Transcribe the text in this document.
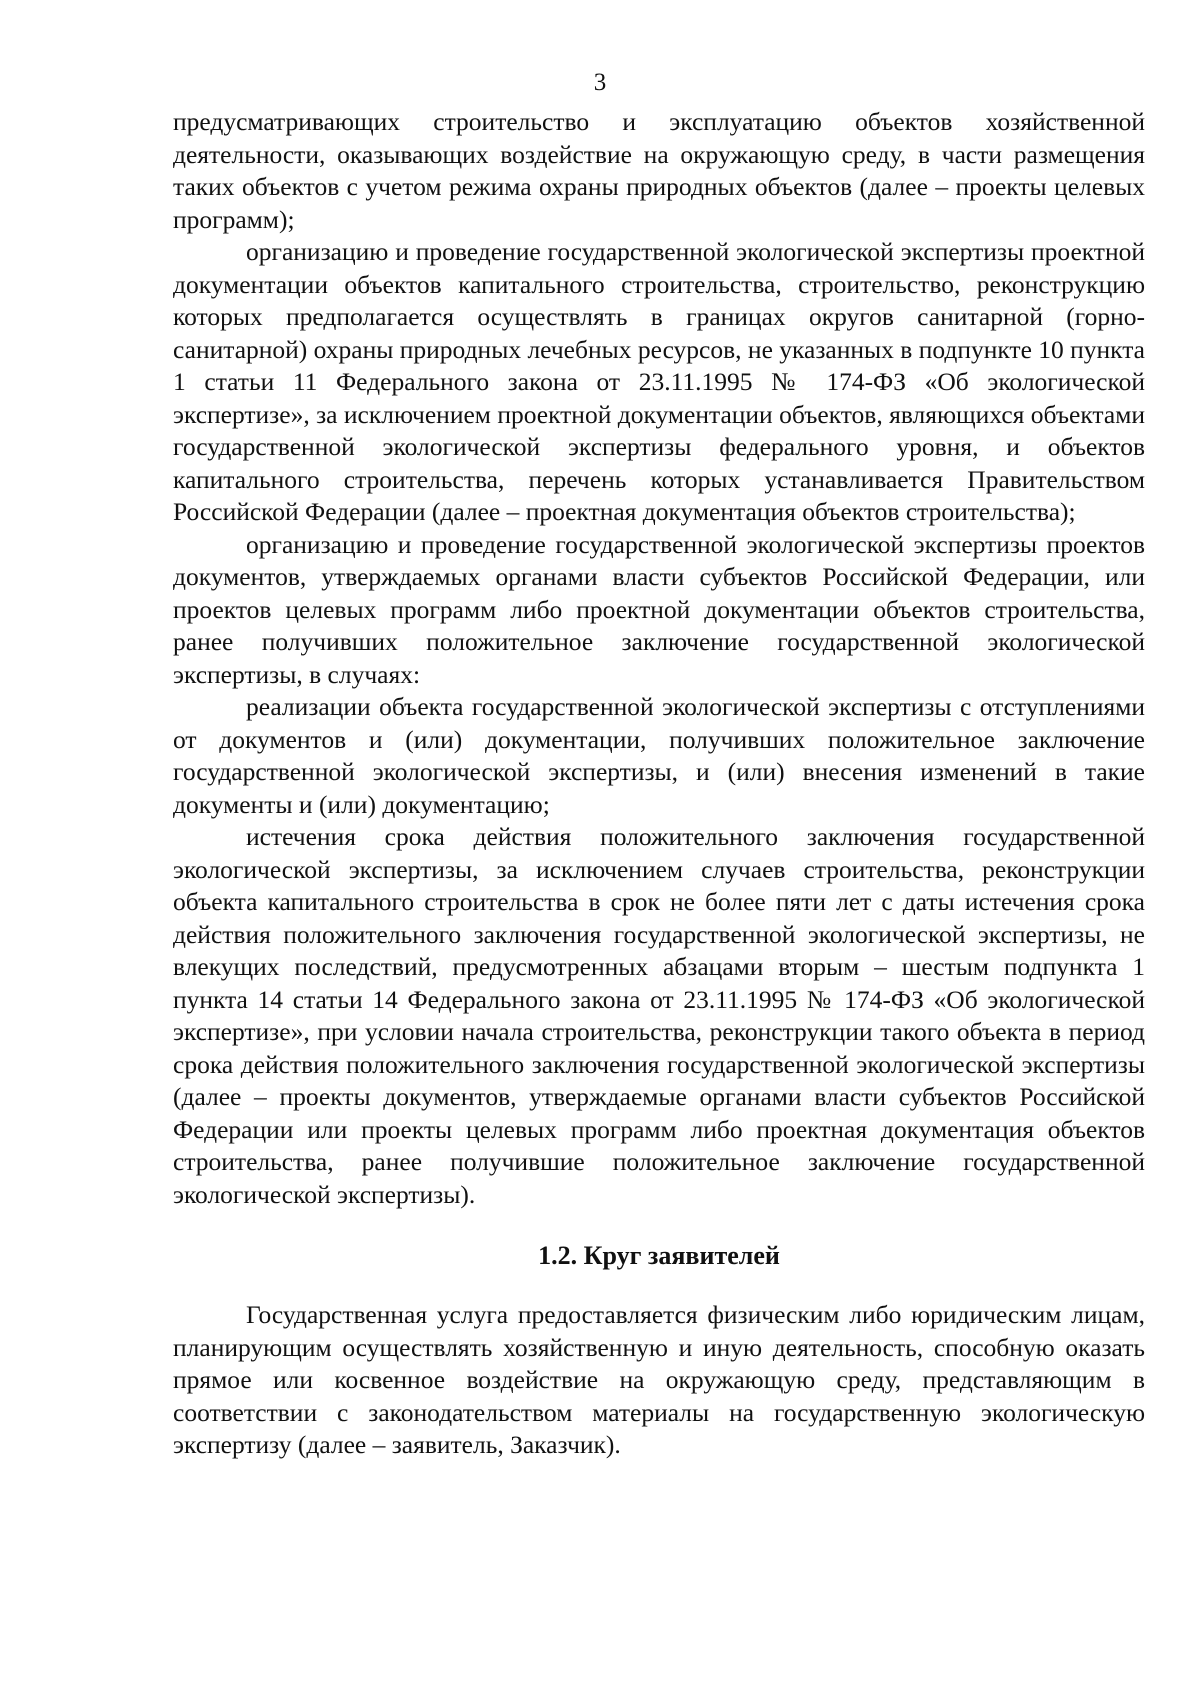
3

предусматривающих строительство и эксплуатацию объектов хозяйственной деятельности, оказывающих воздействие на окружающую среду, в части размещения таких объектов с учетом режима охраны природных объектов (далее – проекты целевых программ);

организацию и проведение государственной экологической экспертизы проектной документации объектов капитального строительства, строительство, реконструкцию которых предполагается осуществлять в границах округов санитарной (горно-санитарной) охраны природных лечебных ресурсов, не указанных в подпункте 10 пункта 1 статьи 11 Федерального закона от 23.11.1995 № 174-ФЗ «Об экологической экспертизе», за исключением проектной документации объектов, являющихся объектами государственной экологической экспертизы федерального уровня, и объектов капитального строительства, перечень которых устанавливается Правительством Российской Федерации (далее – проектная документация объектов строительства);

организацию и проведение государственной экологической экспертизы проектов документов, утверждаемых органами власти субъектов Российской Федерации, или проектов целевых программ либо проектной документации объектов строительства, ранее получивших положительное заключение государственной экологической экспертизы, в случаях:

реализации объекта государственной экологической экспертизы с отступлениями от документов и (или) документации, получивших положительное заключение государственной экологической экспертизы, и (или) внесения изменений в такие документы и (или) документацию;

истечения срока действия положительного заключения государственной экологической экспертизы, за исключением случаев строительства, реконструкции объекта капитального строительства в срок не более пяти лет с даты истечения срока действия положительного заключения государственной экологической экспертизы, не влекущих последствий, предусмотренных абзацами вторым – шестым подпункта 1 пункта 14 статьи 14 Федерального закона от 23.11.1995 № 174-ФЗ «Об экологической экспертизе», при условии начала строительства, реконструкции такого объекта в период срока действия положительного заключения государственной экологической экспертизы (далее – проекты документов, утверждаемые органами власти субъектов Российской Федерации или проекты целевых программ либо проектная документация объектов строительства, ранее получившие положительное заключение государственной экологической экспертизы).

1.2. Круг заявителей

Государственная услуга предоставляется физическим либо юридическим лицам, планирующим осуществлять хозяйственную и иную деятельность, способную оказать прямое или косвенное воздействие на окружающую среду, представляющим в соответствии с законодательством материалы на государственную экологическую экспертизу (далее – заявитель, Заказчик).
